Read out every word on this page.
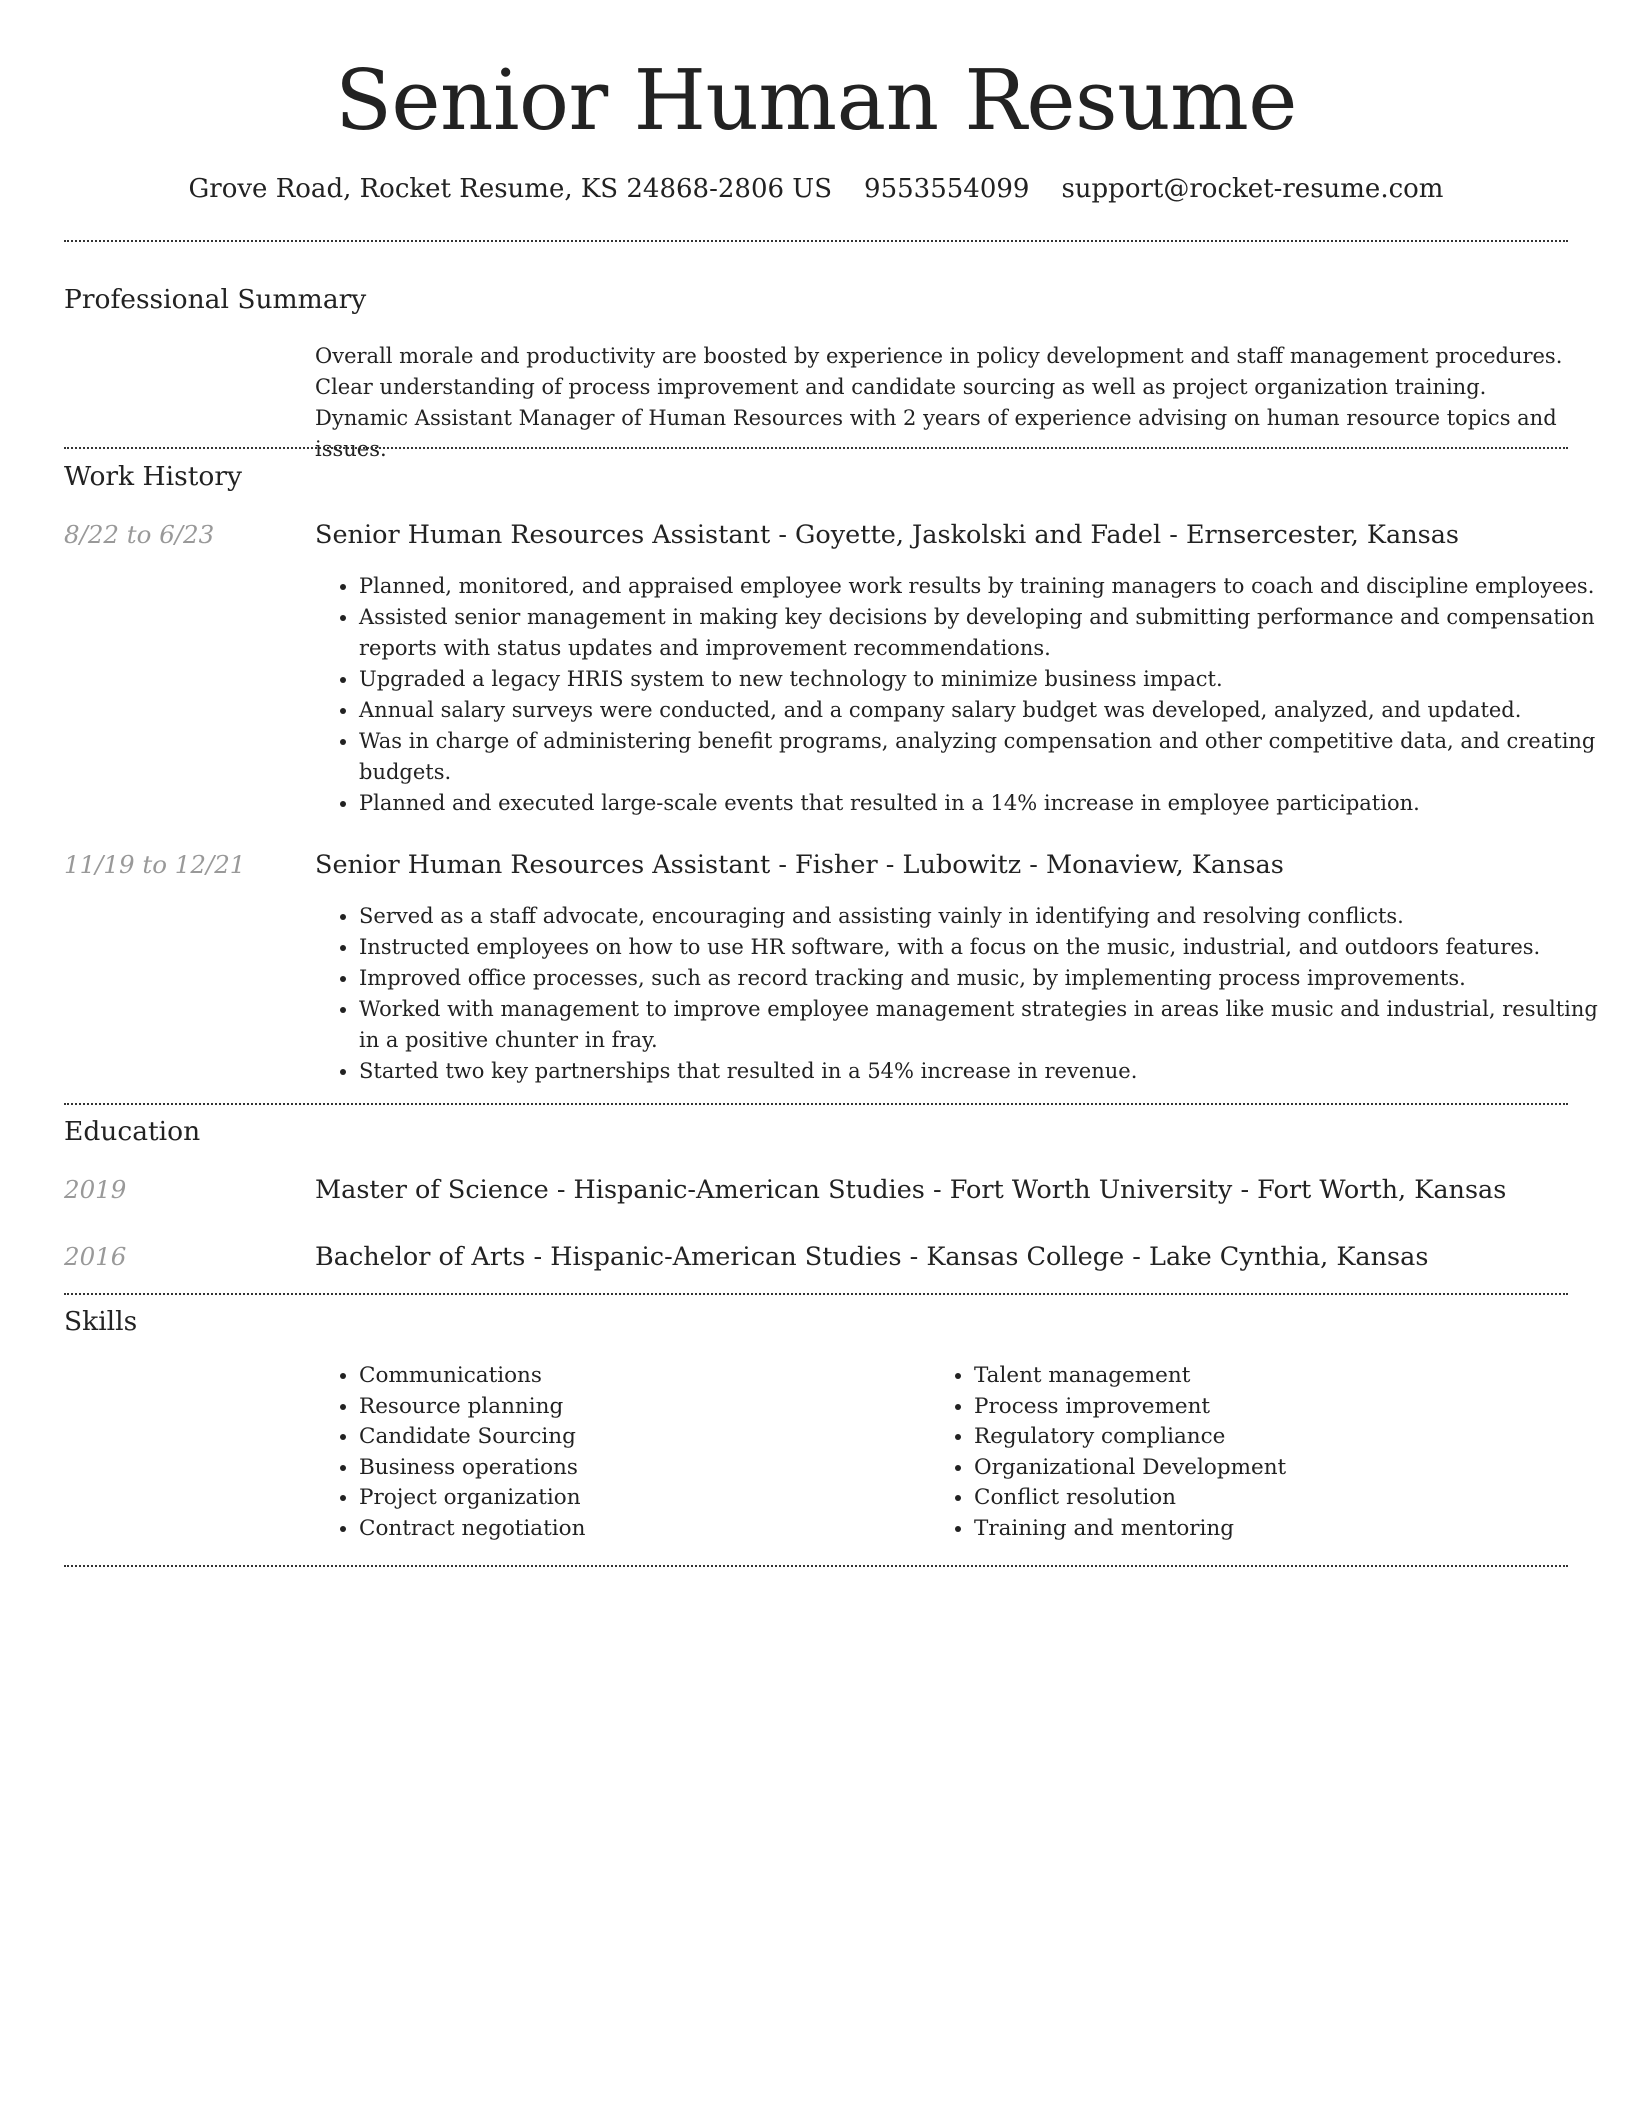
Senior Human Resume
Grove Road, Rocket Resume, KS 24868-2806 US 9553554099 support@rocket-resume.com
Professional Summary

Overall morale and productivity are boosted by experience in policy development and staff management procedures. Clear understanding of process improvement and candidate sourcing as well as project organization training. Dynamic Assistant Manager of Human Resources with 2 years of experience advising on human resource topics and issues.

Work History
8/22 to 6/23	Senior Human Resources Assistant - Goyette, Jaskolski and Fadel - Ernsercester, Kansas
• Planned, monitored, and appraised employee work results by training managers to coach and discipline employees.
• Assisted senior management in making key decisions by developing and submitting performance and compensation reports with status updates and improvement recommendations.
• Upgraded a legacy HRIS system to new technology to minimize business impact.
• Annual salary surveys were conducted, and a company salary budget was developed, analyzed, and updated.
• Was in charge of administering benefit programs, analyzing compensation and other competitive data, and creating budgets.
• Planned and executed large-scale events that resulted in a 14% increase in employee participation.
11/19 to 12/21	Senior Human Resources Assistant - Fisher - Lubowitz - Monaview, Kansas
• Served as a staff advocate, encouraging and assisting vainly in identifying and resolving conflicts.
• Instructed employees on how to use HR software, with a focus on the music, industrial, and outdoors features.
• Improved office processes, such as record tracking and music, by implementing process improvements.
• Worked with management to improve employee management strategies in areas like music and industrial, resulting in a positive chunter in fray.
• Started two key partnerships that resulted in a 54% increase in revenue.
Education
2019	Master of Science - Hispanic-American Studies - Fort Worth University - Fort Worth, Kansas
2016	Bachelor of Arts - Hispanic-American Studies - Kansas College - Lake Cynthia, Kansas
Skills
• Communications
• Resource planning
• Candidate Sourcing
• Business operations
• Project organization
• Contract negotiation
• Talent management
• Process improvement
• Regulatory compliance
• Organizational Development
• Conflict resolution
• Training and mentoring
